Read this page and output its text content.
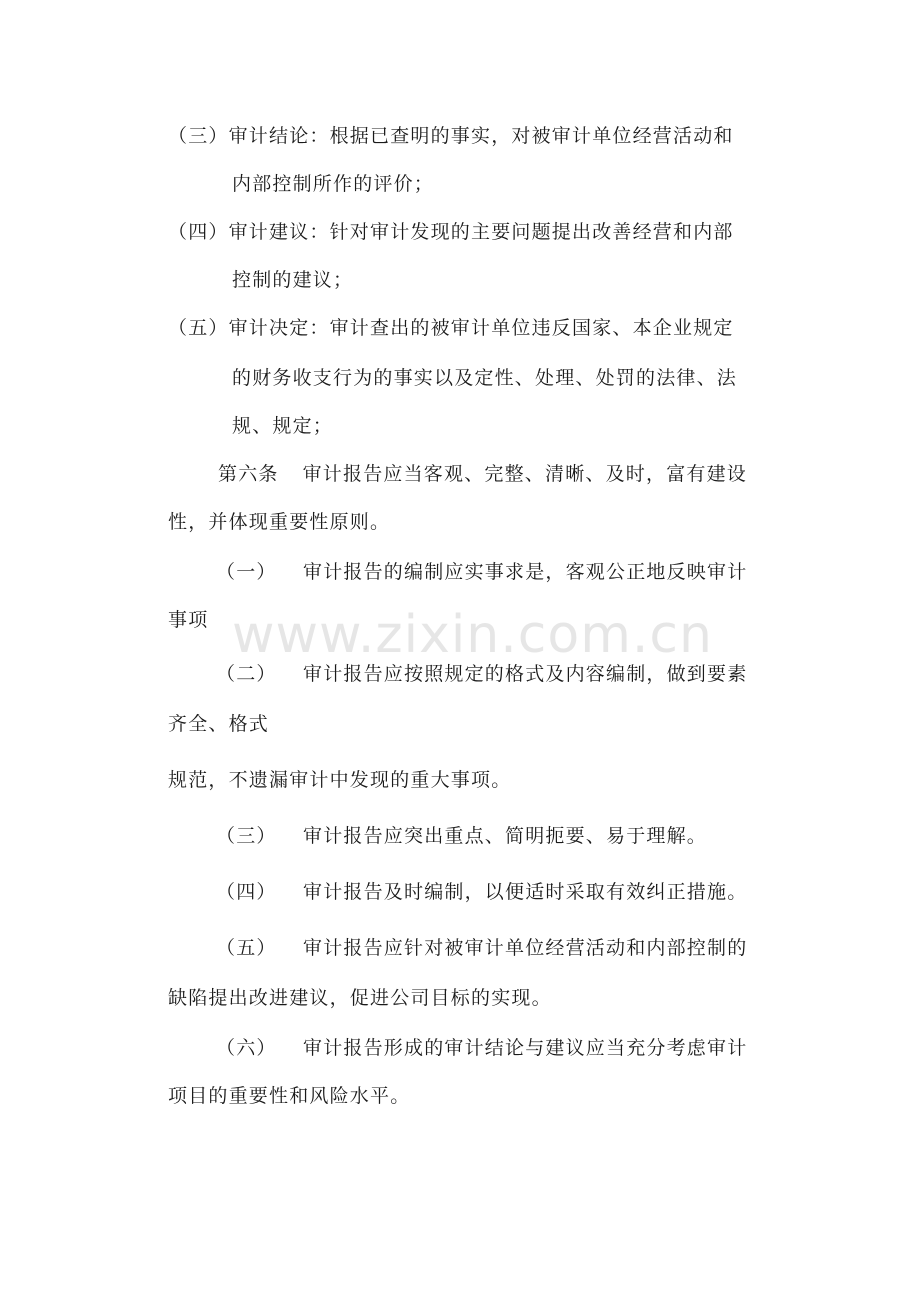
www.zixin.com.cn
（三）审计结论：根据已查明的事实，对被审计单位经营活动和
内部控制所作的评价；
（四）审计建议：针对审计发现的主要问题提出改善经营和内部
控制的建议；
（五）审计决定：审计查出的被审计单位违反国家、本企业规定
的财务收支行为的事实以及定性、处理、处罚的法律、法
规、规定；
第六条 审计报告应当客观、完整、清晰、及时，富有建设
性，并体现重要性原则。
（一） 审计报告的编制应实事求是，客观公正地反映审计
事项
（二） 审计报告应按照规定的格式及内容编制，做到要素
齐全、格式
规范，不遗漏审计中发现的重大事项。
（三） 审计报告应突出重点、简明扼要、易于理解。
（四） 审计报告及时编制，以便适时采取有效纠正措施。
（五） 审计报告应针对被审计单位经营活动和内部控制的
缺陷提出改进建议，促进公司目标的实现。
（六） 审计报告形成的审计结论与建议应当充分考虑审计
项目的重要性和风险水平。
